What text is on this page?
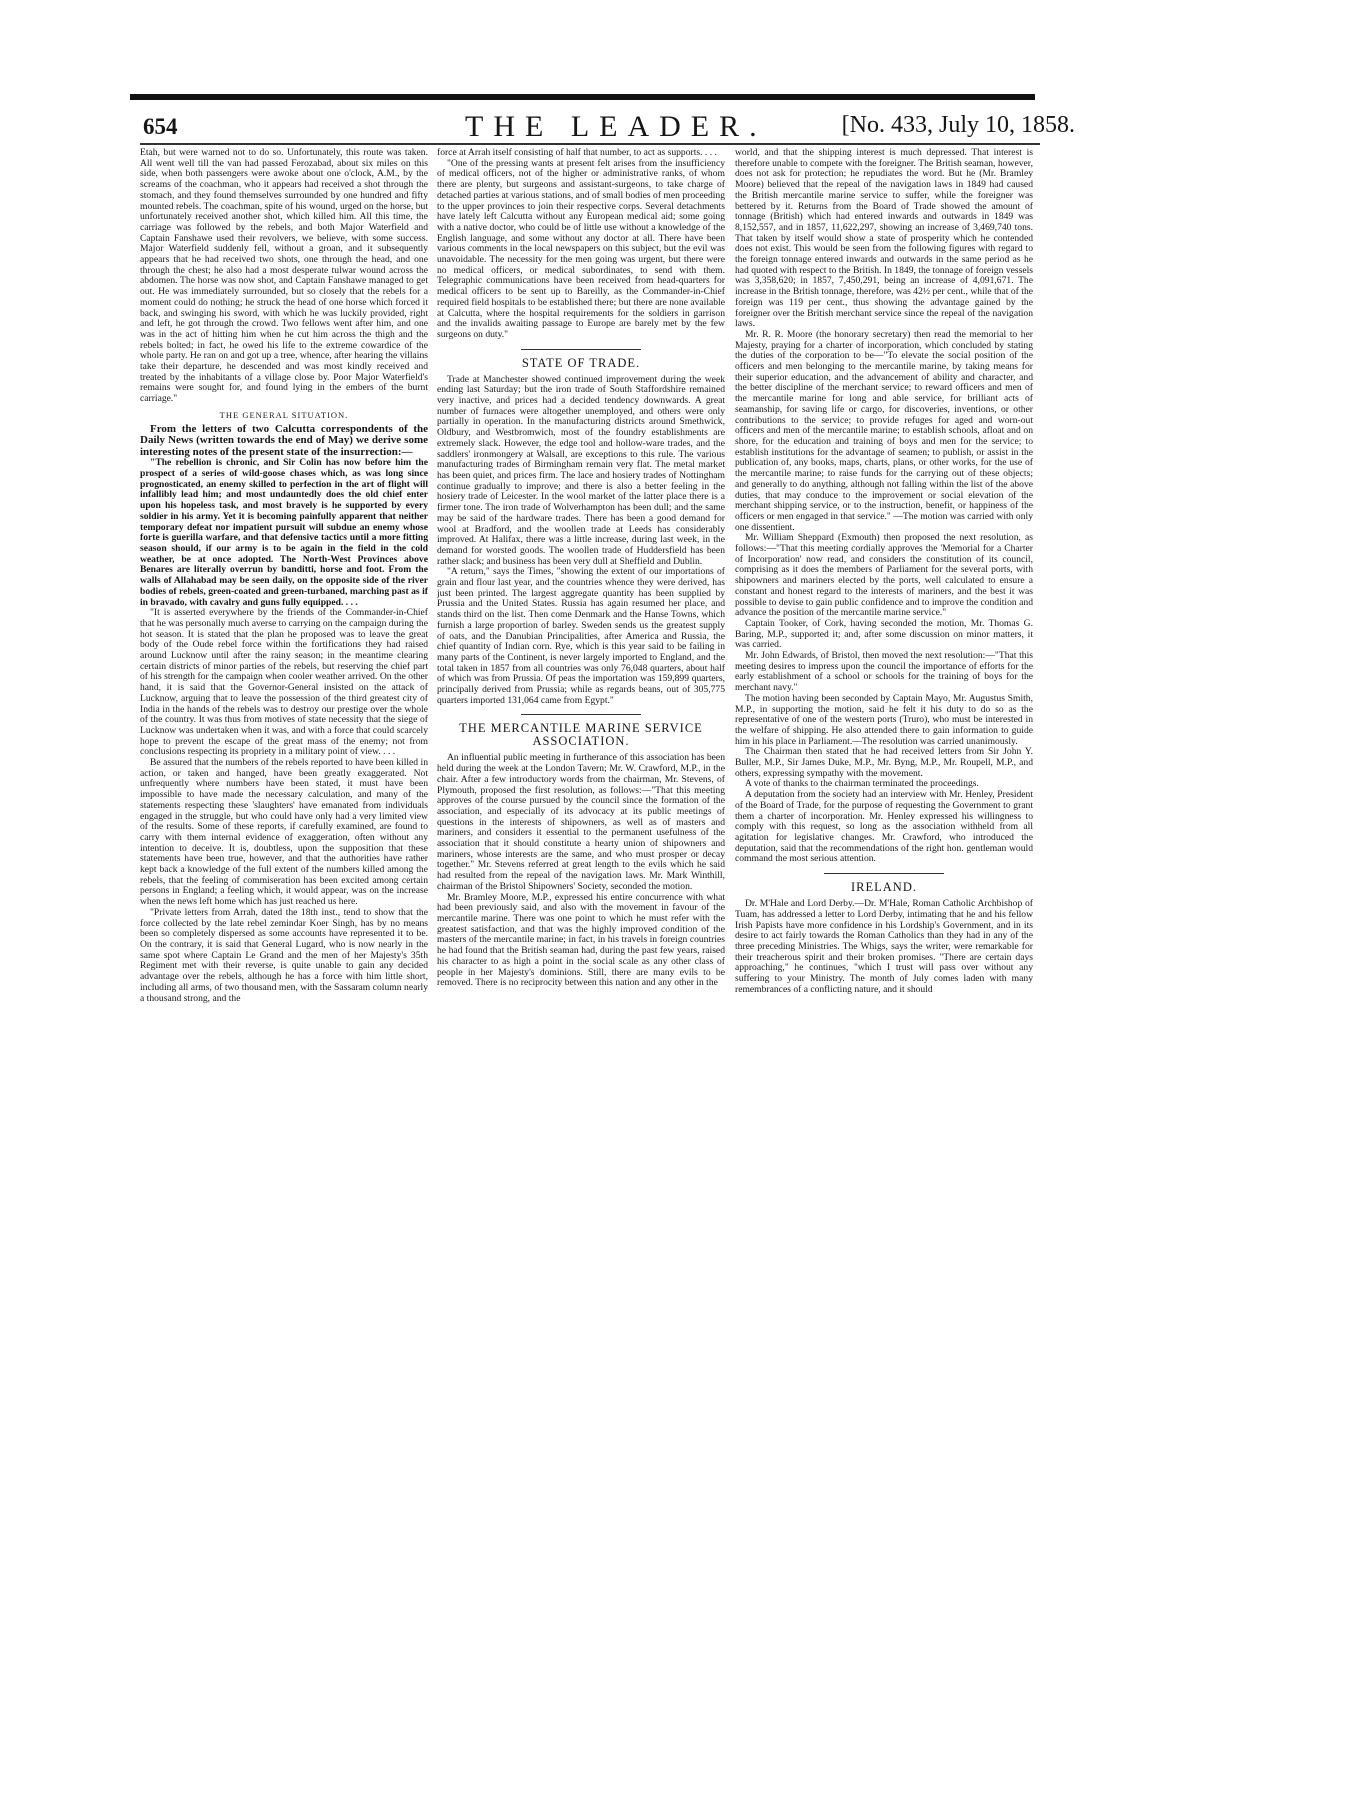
654	THE LEADER.	[No. 433, July 10, 1858.

Etah, but were warned not to do so. Unfortunately, this route was taken. All went well till the van had passed Ferozabad, about six miles on this side, when both passengers were awoke about one o'clock, A.M., by the screams of the coachman, who it appears had received a shot through the stomach, and they found themselves surrounded by one hundred and fifty mounted rebels. The coachman, spite of his wound, urged on the horse, but unfortunately received another shot, which killed him. All this time, the carriage was followed by the rebels, and both Major Waterfield and Captain Fanshawe used their revolvers, we believe, with some success. Major Waterfield suddenly fell, without a groan, and it subsequently appears that he had received two shots, one through the head, and one through the chest; he also had a most desperate tulwar wound across the abdomen. The horse was now shot, and Captain Fanshawe managed to get out. He was immediately surrounded, but so closely that the rebels for a moment could do nothing; he struck the head of one horse which forced it back, and swinging his sword, with which he was luckily provided, right and left, he got through the crowd. Two fellows went after him, and one was in the act of hitting him when he cut him across the thigh and the rebels bolted; in fact, he owed his life to the extreme cowardice of the whole party. He ran on and got up a tree, whence, after hearing the villains take their departure, he descended and was most kindly received and treated by the inhabitants of a village close by. Poor Major Waterfield's remains were sought for, and found lying in the embers of the burnt carriage."

THE GENERAL SITUATION.

From the letters of two Calcutta correspondents of the Daily News (written towards the end of May) we derive some interesting notes of the present state of the insurrection:—

"The rebellion is chronic, and Sir Colin has now before him the prospect of a series of wild-goose chases which, as was long since prognosticated, an enemy skilled to perfection in the art of flight will infallibly lead him; and most undauntedly does the old chief enter upon his hopeless task, and most bravely is he supported by every soldier in his army. Yet it is becoming painfully apparent that neither temporary defeat nor impatient pursuit will subdue an enemy whose forte is guerilla warfare, and that defensive tactics until a more fitting season should, if our army is to be again in the field in the cold weather, be at once adopted. The North-West Provinces above Benares are literally overrun by banditti, horse and foot. From the walls of Allahabad may be seen daily, on the opposite side of the river bodies of rebels, green-coated and green-turbaned, marching past as if in bravado, with cavalry and guns fully equipped. . . .

"It is asserted everywhere by the friends of the Commander-in-Chief that he was personally much averse to carrying on the campaign during the hot season. It is stated that the plan he proposed was to leave the great body of the Oude rebel force within the fortifications they had raised around Lucknow until after the rainy season; in the meantime clearing certain districts of minor parties of the rebels, but reserving the chief part of his strength for the campaign when cooler weather arrived. On the other hand, it is said that the Governor-General insisted on the attack of Lucknow, arguing that to leave the possession of the third greatest city of India in the hands of the rebels was to destroy our prestige over the whole of the country. It was thus from motives of state necessity that the siege of Lucknow was undertaken when it was, and with a force that could scarcely hope to prevent the escape of the great mass of the enemy; not from conclusions respecting its propriety in a military point of view. . . .

Be assured that the numbers of the rebels reported to have been killed in action, or taken and hanged, have been greatly exaggerated. Not unfrequently where numbers have been stated, it must have been impossible to have made the necessary calculation, and many of the statements respecting these 'slaughters' have emanated from individuals engaged in the struggle, but who could have only had a very limited view of the results. Some of these reports, if carefully examined, are found to carry with them internal evidence of exaggeration, often without any intention to deceive. It is, doubtless, upon the supposition that these statements have been true, however, and that the authorities have rather kept back a knowledge of the full extent of the numbers killed among the rebels, that the feeling of commiseration has been excited among certain persons in England; a feeling which, it would appear, was on the increase when the news left home which has just reached us here.

"Private letters from Arrah, dated the 18th inst., tend to show that the force collected by the late rebel zemindar Koer Singh, has by no means been so completely dispersed as some accounts have represented it to be. On the contrary, it is said that General Lugard, who is now nearly in the same spot where Captain Le Grand and the men of her Majesty's 35th Regiment met with their reverse, is quite unable to gain any decided advantage over the rebels, although he has a force with him little short, including all arms, of two thousand men, with the Sassaram column nearly a thousand strong, and the

force at Arrah itself consisting of half that number, to act as supports. . . .

"One of the pressing wants at present felt arises from the insufficiency of medical officers, not of the higher or administrative ranks, of whom there are plenty, but surgeons and assistant-surgeons, to take charge of detached parties at various stations, and of small bodies of men proceeding to the upper provinces to join their respective corps. Several detachments have lately left Calcutta without any European medical aid; some going with a native doctor, who could be of little use without a knowledge of the English language, and some without any doctor at all. There have been various comments in the local newspapers on this subject, but the evil was unavoidable. The necessity for the men going was urgent, but there were no medical officers, or medical subordinates, to send with them. Telegraphic communications have been received from head-quarters for medical officers to be sent up to Bareilly, as the Commander-in-Chief required field hospitals to be established there; but there are none available at Calcutta, where the hospital requirements for the soldiers in garrison and the invalids awaiting passage to Europe are barely met by the few surgeons on duty."

STATE OF TRADE.

Trade at Manchester showed continued improvement during the week ending last Saturday; but the iron trade of South Staffordshire remained very inactive, and prices had a decided tendency downwards. A great number of furnaces were altogether unemployed, and others were only partially in operation. In the manufacturing districts around Smethwick, Oldbury, and Westbromwich, most of the foundry establishments are extremely slack. However, the edge tool and hollow-ware trades, and the saddlers' ironmongery at Walsall, are exceptions to this rule. The various manufacturing trades of Birmingham remain very flat. The metal market has been quiet, and prices firm. The lace and hosiery trades of Nottingham continue gradually to improve; and there is also a better feeling in the hosiery trade of Leicester. In the wool market of the latter place there is a firmer tone. The iron trade of Wolverhampton has been dull; and the same may be said of the hardware trades. There has been a good demand for wool at Bradford, and the woollen trade at Leeds has considerably improved. At Halifax, there was a little increase, during last week, in the demand for worsted goods. The woollen trade of Huddersfield has been rather slack; and business has been very dull at Sheffield and Dublin.

"A return," says the Times, "showing the extent of our importations of grain and flour last year, and the countries whence they were derived, has just been printed. The largest aggregate quantity has been supplied by Prussia and the United States. Russia has again resumed her place, and stands third on the list. Then come Denmark and the Hanse Towns, which furnish a large proportion of barley. Sweden sends us the greatest supply of oats, and the Danubian Principalities, after America and Russia, the chief quantity of Indian corn. Rye, which is this year said to be failing in many parts of the Continent, is never largely imported to England, and the total taken in 1857 from all countries was only 76,048 quarters, about half of which was from Prussia. Of peas the importation was 159,899 quarters, principally derived from Prussia; while as regards beans, out of 305,775 quarters imported 131,064 came from Egypt."

THE MERCANTILE MARINE SERVICE ASSOCIATION.

An influential public meeting in furtherance of this association has been held during the week at the London Tavern; Mr. W. Crawford, M.P., in the chair. After a few introductory words from the chairman, Mr. Stevens, of Plymouth, proposed the first resolution, as follows:—"That this meeting approves of the course pursued by the council since the formation of the association, and especially of its advocacy at its public meetings of questions in the interests of shipowners, as well as of masters and mariners, and considers it essential to the permanent usefulness of the association that it should constitute a hearty union of shipowners and mariners, whose interests are the same, and who must prosper or decay together." Mr. Stevens referred at great length to the evils which he said had resulted from the repeal of the navigation laws. Mr. Mark Winthill, chairman of the Bristol Shipowners' Society, seconded the motion.

Mr. Bramley Moore, M.P., expressed his entire concurrence with what had been previously said, and also with the movement in favour of the mercantile marine. There was one point to which he must refer with the greatest satisfaction, and that was the highly improved condition of the masters of the mercantile marine; in fact, in his travels in foreign countries he had found that the British seaman had, during the past few years, raised his character to as high a point in the social scale as any other class of people in her Majesty's dominions. Still, there are many evils to be removed. There is no reciprocity between this nation and any other in the

world, and that the shipping interest is much depressed. That interest is therefore unable to compete with the foreigner. The British seaman, however, does not ask for protection; he repudiates the word. But he (Mr. Bramley Moore) believed that the repeal of the navigation laws in 1849 had caused the British mercantile marine service to suffer, while the foreigner was bettered by it. Returns from the Board of Trade showed the amount of tonnage (British) which had entered inwards and outwards in 1849 was 8,152,557, and in 1857, 11,622,297, showing an increase of 3,469,740 tons. That taken by itself would show a state of prosperity which he contended does not exist. This would be seen from the following figures with regard to the foreign tonnage entered inwards and outwards in the same period as he had quoted with respect to the British. In 1849, the tonnage of foreign vessels was 3,358,620; in 1857, 7,450,291, being an increase of 4,091,671. The increase in the British tonnage, therefore, was 42½ per cent., while that of the foreign was 119 per cent., thus showing the advantage gained by the foreigner over the British merchant service since the repeal of the navigation laws.

Mr. R. R. Moore (the honorary secretary) then read the memorial to her Majesty, praying for a charter of incorporation, which concluded by stating the duties of the corporation to be—"To elevate the social position of the officers and men belonging to the mercantile marine, by taking means for their superior education, and the advancement of ability and character, and the better discipline of the merchant service; to reward officers and men of the mercantile marine for long and able service, for brilliant acts of seamanship, for saving life or cargo, for discoveries, inventions, or other contributions to the service; to provide refuges for aged and worn-out officers and men of the mercantile marine; to establish schools, afloat and on shore, for the education and training of boys and men for the service; to establish institutions for the advantage of seamen; to publish, or assist in the publication of, any books, maps, charts, plans, or other works, for the use of the mercantile marine; to raise funds for the carrying out of these objects; and generally to do anything, although not falling within the list of the above duties, that may conduce to the improvement or social elevation of the merchant shipping service, or to the instruction, benefit, or happiness of the officers or men engaged in that service." —The motion was carried with only one dissentient.

Mr. William Sheppard (Exmouth) then proposed the next resolution, as follows:—"That this meeting cordially approves the 'Memorial for a Charter of Incorporation' now read, and considers the constitution of its council, comprising as it does the members of Parliament for the several ports, with shipowners and mariners elected by the ports, well calculated to ensure a constant and honest regard to the interests of mariners, and the best it was possible to devise to gain public confidence and to improve the condition and advance the position of the mercantile marine service."

Captain Tooker, of Cork, having seconded the motion, Mr. Thomas G. Baring, M.P., supported it; and, after some discussion on minor matters, it was carried.

Mr. John Edwards, of Bristol, then moved the next resolution:—"That this meeting desires to impress upon the council the importance of efforts for the early establishment of a school or schools for the training of boys for the merchant navy."

The motion having been seconded by Captain Mayo, Mr. Augustus Smith, M.P., in supporting the motion, said he felt it his duty to do so as the representative of one of the western ports (Truro), who must be interested in the welfare of shipping. He also attended there to gain information to guide him in his place in Parliament.—The resolution was carried unanimously.

The Chairman then stated that he had received letters from Sir John Y. Buller, M.P., Sir James Duke, M.P., Mr. Byng, M.P., Mr. Roupell, M.P., and others, expressing sympathy with the movement.

A vote of thanks to the chairman terminated the proceedings.

A deputation from the society had an interview with Mr. Henley, President of the Board of Trade, for the purpose of requesting the Government to grant them a charter of incorporation. Mr. Henley expressed his willingness to comply with this request, so long as the association withheld from all agitation for legislative changes. Mr. Crawford, who introduced the deputation, said that the recommendations of the right hon. gentleman would command the most serious attention.

IRELAND.

Dr. M'Hale and Lord Derby.—Dr. M'Hale, Roman Catholic Archbishop of Tuam, has addressed a letter to Lord Derby, intimating that he and his fellow Irish Papists have more confidence in his Lordship's Government, and in its desire to act fairly towards the Roman Catholics than they had in any of the three preceding Ministries. The Whigs, says the writer, were remarkable for their treacherous spirit and their broken promises. "There are certain days approaching," he continues, "which I trust will pass over without any suffering to your Ministry. The month of July comes laden with many remembrances of a conflicting nature, and it should
